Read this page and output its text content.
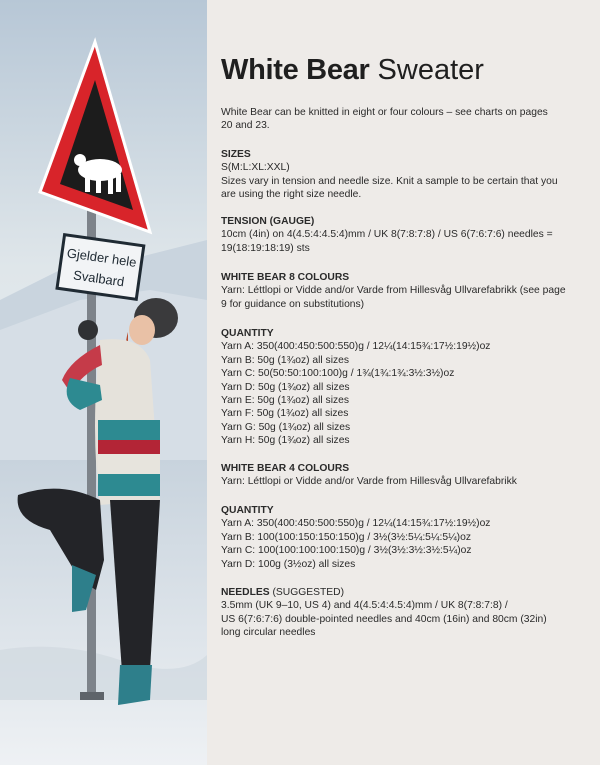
Gjelder hele
Svalbard
White Bear Sweater

White Bear can be knitted in eight or four colours – see charts on pages 20 and 23.

SIZES
S(M:L:XL:XXL)

Sizes vary in tension and needle size. Knit a sample to be certain that you are using the right size needle.

TENSION (GAUGE)

10cm (4in) on 4(4.5:4:4.5:4)mm / UK 8(7:8:7:8) / US 6(7:6:7:6) needles = 19(18:19:18:19) sts

WHITE BEAR 8 COLOURS

Yarn: Léttlopi or Vidde and/or Varde from Hillesvåg Ullvarefabrikk (see page 9 for guidance on substitutions)

QUANTITY
Yarn A: 350(400:450:500:550)g / 12¼(14:15¾:17½:19½)oz
Yarn B: 50g (1¾oz) all sizes
Yarn C: 50(50:50:100:100)g / 1¾(1¾:1¾:3½:3½)oz
Yarn D: 50g (1¾oz) all sizes
Yarn E: 50g (1¾oz) all sizes
Yarn F: 50g (1¾oz) all sizes
Yarn G: 50g (1¾oz) all sizes
Yarn H: 50g (1¾oz) all sizes
WHITE BEAR 4 COLOURS

Yarn: Léttlopi or Vidde and/or Varde from Hillesvåg Ullvarefabrikk

QUANTITY
Yarn A: 350(400:450:500:550)g / 12¼(14:15¾:17½:19½)oz
Yarn B: 100(100:150:150:150)g / 3½(3½:5¼:5¼:5¼)oz
Yarn C: 100(100:100:100:150)g / 3½(3½:3½:3½:5¼)oz
Yarn D: 100g (3½oz) all sizes
NEEDLES (SUGGESTED)
3.5mm (UK 9–10, US 4) and 4(4.5:4:4.5:4)mm / UK 8(7:8:7:8) /
US 6(7:6:7:6) double-pointed needles and 40cm (16in) and 80cm (32in)
long circular needles
